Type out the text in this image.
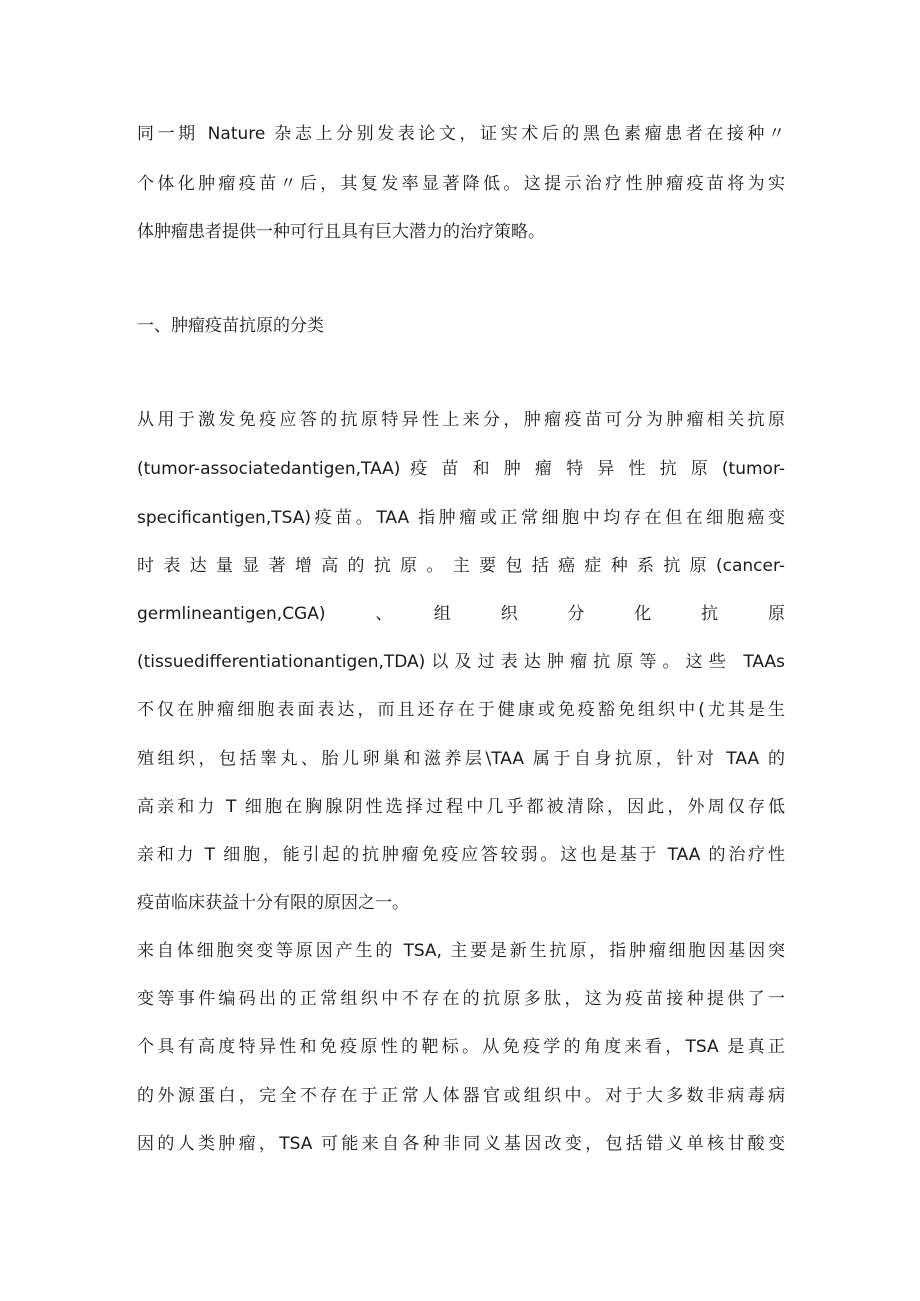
同一期 Nature 杂志上分别发表论文，证实术后的黑色素瘤患者在接种〃
个体化肿瘤疫苗〃后，其复发率显著降低。这提示治疗性肿瘤疫苗将为实
体肿瘤患者提供一种可行且具有巨大潜力的治疗策略。
一、肿瘤疫苗抗原的分类
从用于激发免疫应答的抗原特异性上来分，肿瘤疫苗可分为肿瘤相关抗原
(tumor-associatedantigen,TAA) 疫 苗 和 肿 瘤 特 异 性 抗 原 (tumor-
specificantigen,TSA)疫苗。TAA 指肿瘤或正常细胞中均存在但在细胞癌变
时 表 达 量 显 著 增 高 的 抗 原 。 主 要 包 括 癌 症 种 系 抗 原 (cancer-
germlineantigen,CGA)　　、　　组　　织　　分　　化　　抗　　原
(tissuedifferentiationantigen,TDA)以及过表达肿瘤抗原等。这些 TAAs
不仅在肿瘤细胞表面表达，而且还存在于健康或免疫豁免组织中(尤其是生
殖组织，包括睾丸、胎儿卵巢和滋养层\TAA 属于自身抗原，针对 TAA 的
高亲和力 T 细胞在胸腺阴性选择过程中几乎都被清除，因此，外周仅存低
亲和力 T 细胞，能引起的抗肿瘤免疫应答较弱。这也是基于 TAA 的治疗性
疫苗临床获益十分有限的原因之一。
来自体细胞突变等原因产生的 TSA, 主要是新生抗原，指肿瘤细胞因基因突
变等事件编码出的正常组织中不存在的抗原多肽，这为疫苗接种提供了一
个具有高度特异性和免疫原性的靶标。从免疫学的角度来看，TSA 是真正
的外源蛋白，完全不存在于正常人体器官或组织中。对于大多数非病毒病
因的人类肿瘤，TSA 可能来自各种非同义基因改变，包括错义单核甘酸变
